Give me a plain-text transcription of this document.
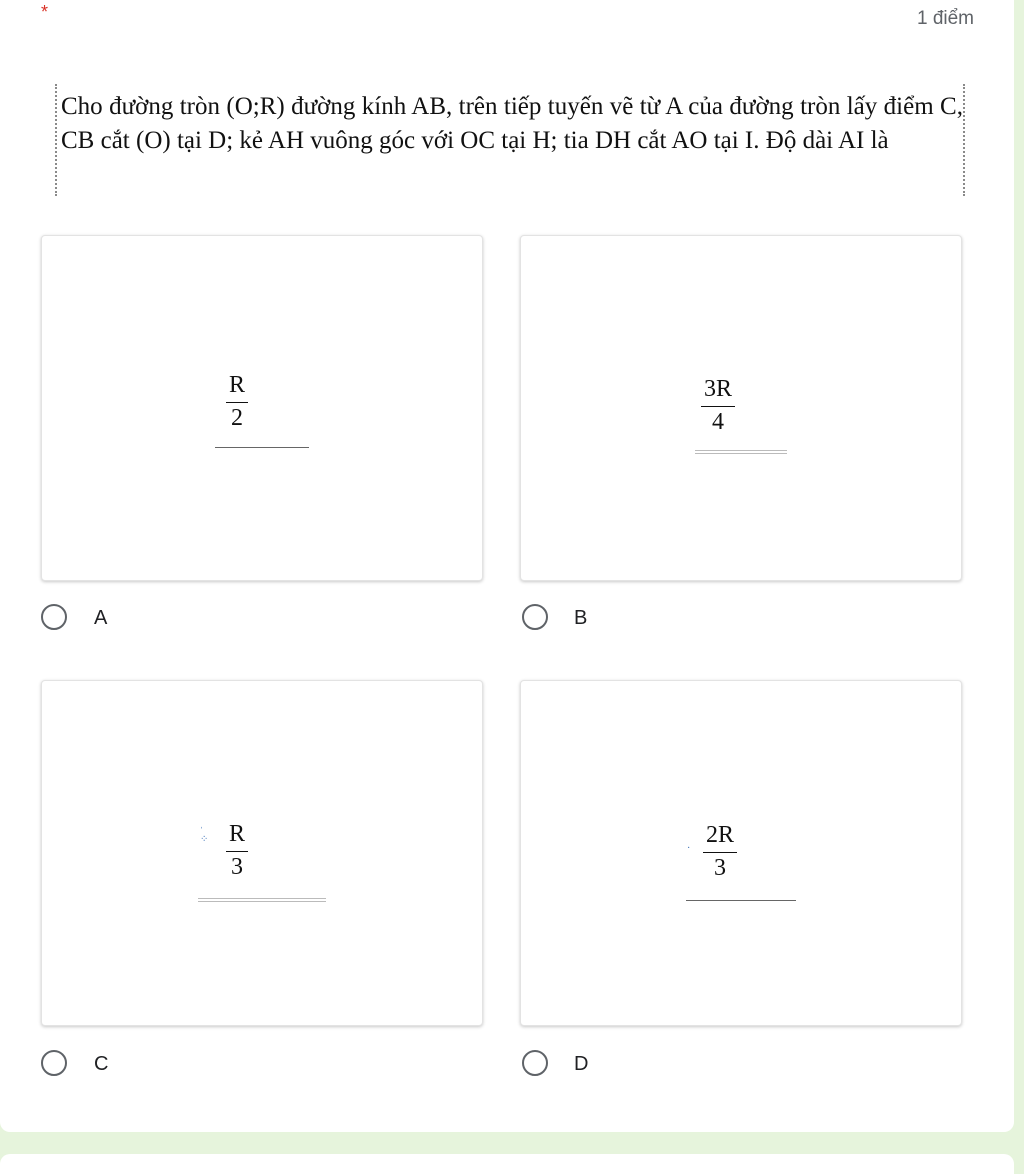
*	1 điểm
Cho đường tròn (O;R) đường kính AB, trên tiếp tuyến vẽ từ A của đường tròn lấy điểm C, CB cắt (O) tại D; kẻ AH vuông góc với OC tại H; tia DH cắt AO tại I. Độ dài AI là
R
2
A
3R
4
B
ˈ
⁘ R
3
C
·
2R
3
D
